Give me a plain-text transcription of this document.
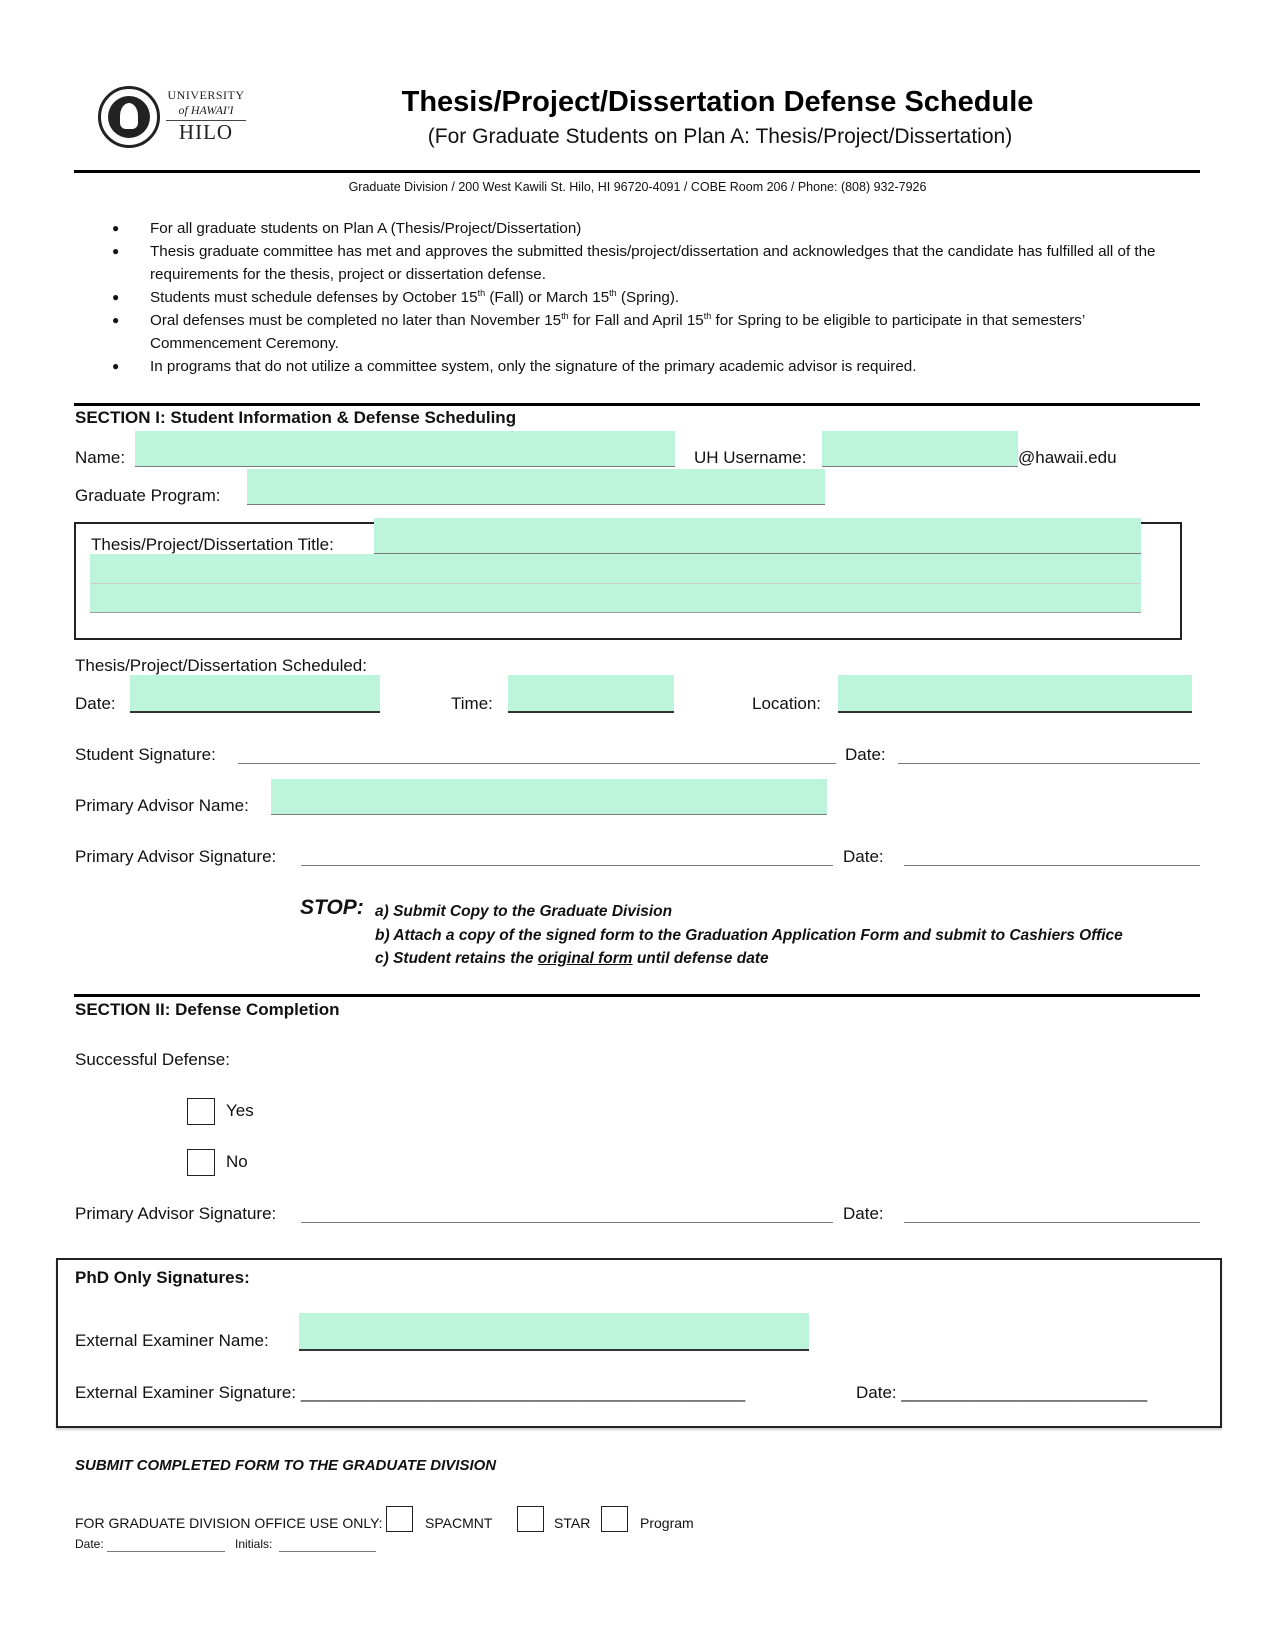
UNIVERSITY
of HAWAI'I
HILO
Thesis/Project/Dissertation Defense Schedule
(For Graduate Students on Plan A: Thesis/Project/Dissertation)
Graduate Division / 200 West Kawili St. Hilo, HI 96720-4091 / COBE Room 206 / Phone: (808) 932-7926
●	For all graduate students on Plan A (Thesis/Project/Dissertation)
●	Thesis graduate committee has met and approves the submitted thesis/project/dissertation and acknowledges that the candidate has fulfilled all of the requirements for the thesis, project or dissertation defense.
●	Students must schedule defenses by October 15th (Fall) or March 15th (Spring).
●	Oral defenses must be completed no later than November 15th for Fall and April 15th for Spring to be eligible to participate in that semesters’ Commencement Ceremony.
●	In programs that do not utilize a committee system, only the signature of the primary academic advisor is required.
SECTION I: Student Information & Defense Scheduling
Name:	UH Username:	@hawaii.edu
Graduate Program:
Thesis/Project/Dissertation Title:
Thesis/Project/Dissertation Scheduled:
Date:	Time:	Location:
Student Signature:	Date:
Primary Advisor Name:
Primary Advisor Signature:	Date:
STOP: a) Submit Copy to the Graduate Division
b) Attach a copy of the signed form to the Graduation Application Form and submit to Cashiers Office
c) Student retains the original form until defense date
SECTION II: Defense Completion
Successful Defense:
Yes
No
Primary Advisor Signature:	Date:
PhD Only Signatures:
External Examiner Name:
External Examiner Signature: _______________________________________________	Date: __________________________
SUBMIT COMPLETED FORM TO THE GRADUATE DIVISION
FOR GRADUATE DIVISION OFFICE USE ONLY:	SPACMNT	STAR	Program
Date:	Initials:
